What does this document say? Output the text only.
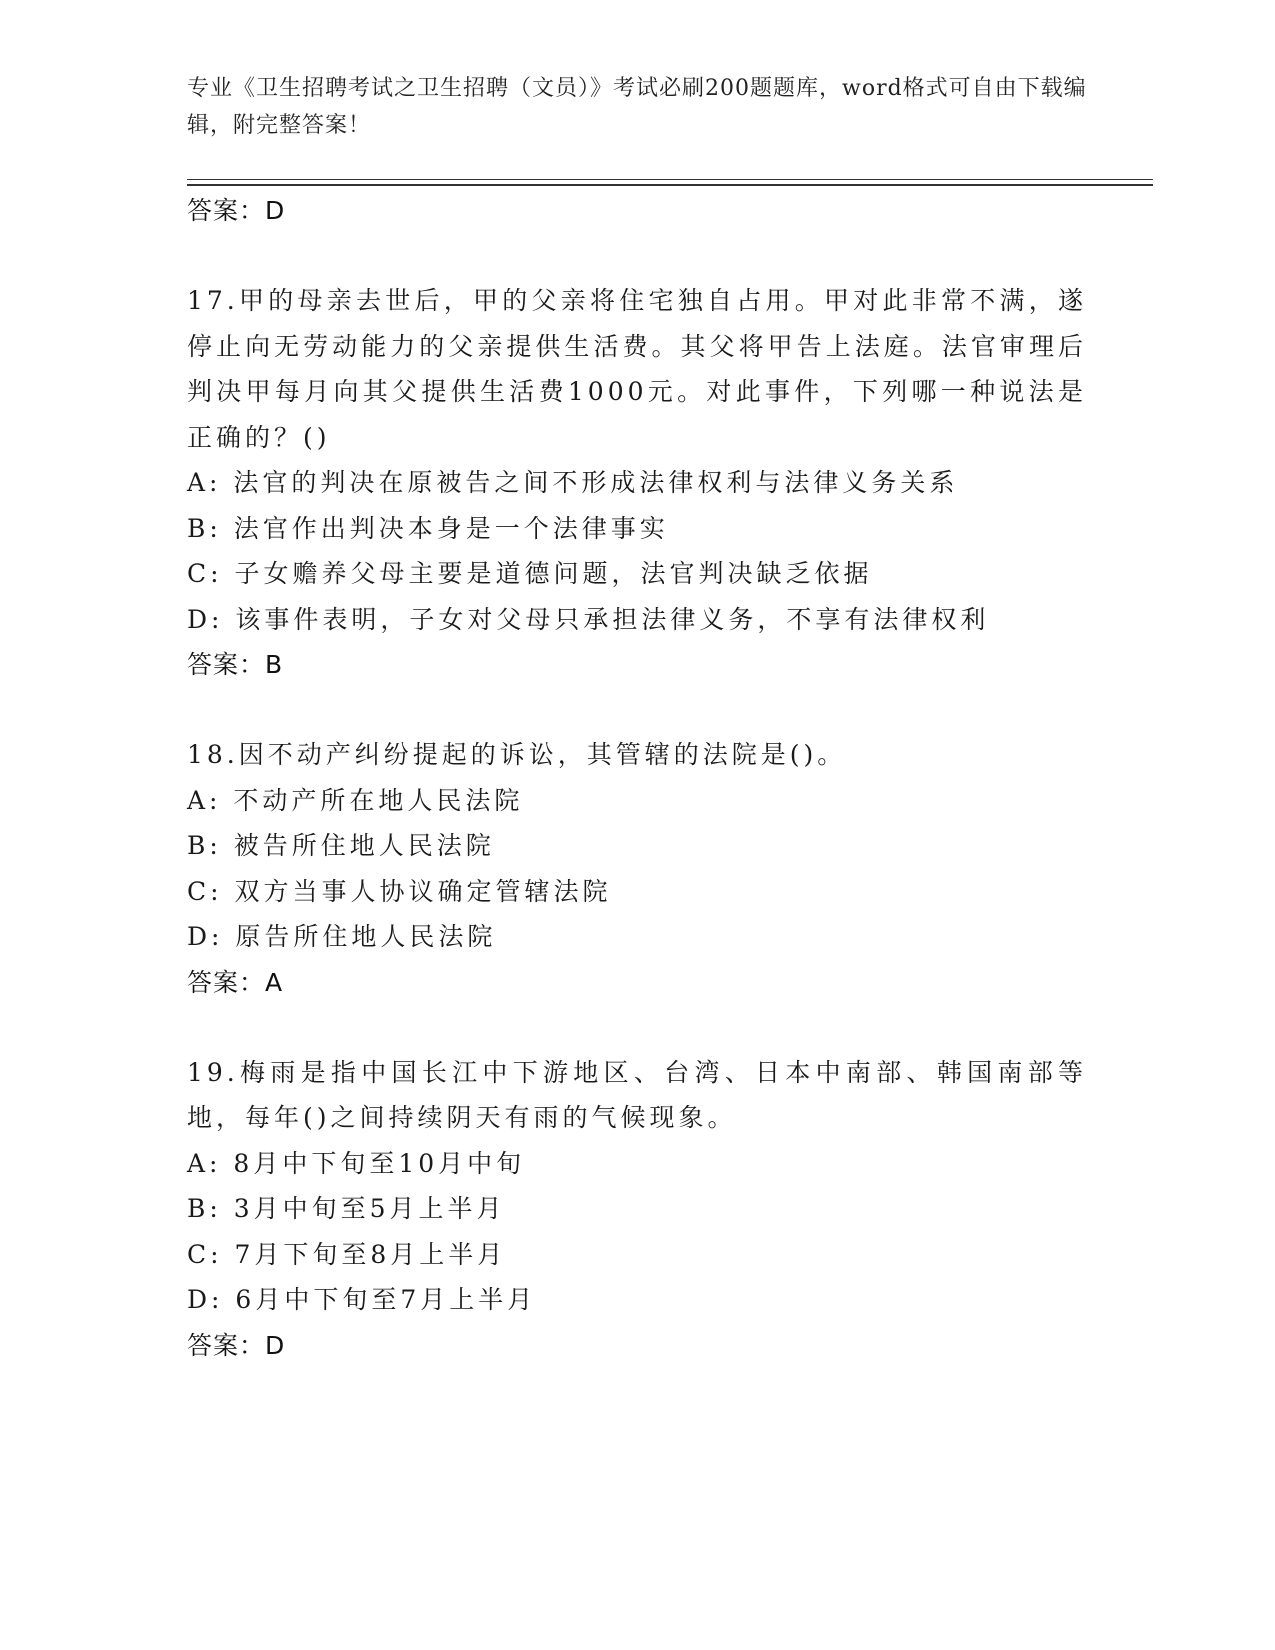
专业《卫生招聘考试之卫生招聘（文员）》考试必刷200题题库，word格式可自由下载编辑，附完整答案！
答案：D
17.甲的母亲去世后，甲的父亲将住宅独自占用。甲对此非常不满，遂停止向无劳动能力的父亲提供生活费。其父将甲告上法庭。法官审理后判决甲每月向其父提供生活费1000元。对此事件，下列哪一种说法是正确的？()
A: 法官的判决在原被告之间不形成法律权利与法律义务关系
B: 法官作出判决本身是一个法律事实
C: 子女赡养父母主要是道德问题，法官判决缺乏依据
D: 该事件表明，子女对父母只承担法律义务，不享有法律权利
答案：B
18.因不动产纠纷提起的诉讼，其管辖的法院是()。
A: 不动产所在地人民法院
B: 被告所住地人民法院
C: 双方当事人协议确定管辖法院
D: 原告所住地人民法院
答案：A
19.梅雨是指中国长江中下游地区、台湾、日本中南部、韩国南部等地，每年()之间持续阴天有雨的气候现象。
A: 8月中下旬至10月中旬
B: 3月中旬至5月上半月
C: 7月下旬至8月上半月
D: 6月中下旬至7月上半月
答案：D
